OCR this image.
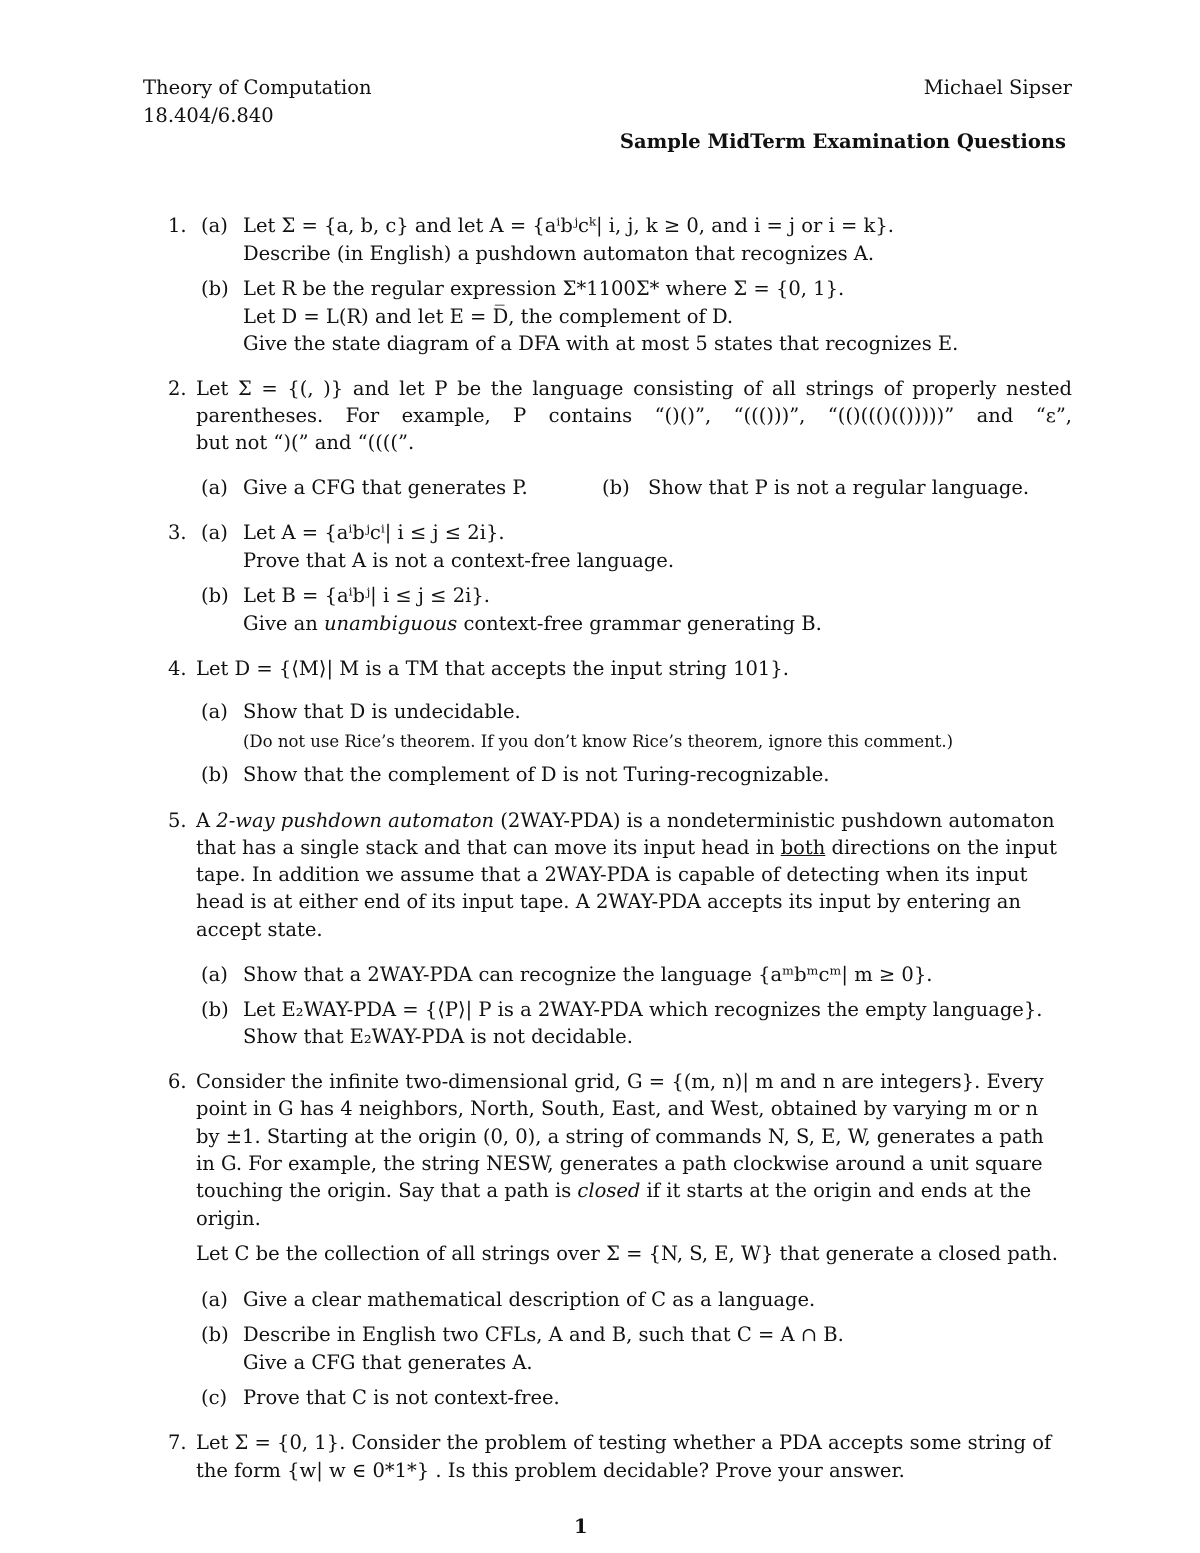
Theory of Computation
18.404/6.840
Michael Sipser
Sample MidTerm Examination Questions
1. (a) Let Σ = {a, b, c} and let A = {aⁱbʲcᵏ| i, j, k ≥ 0, and i = j or i = k}.
Describe (in English) a pushdown automaton that recognizes A.
(b) Let R be the regular expression Σ*1100Σ* where Σ = {0, 1}.
Let D = L(R) and let E = D̅, the complement of D.
Give the state diagram of a DFA with at most 5 states that recognizes E.
2. Let Σ = {(, )} and let P be the language consisting of all strings of properly nested
parentheses. For example, P contains “()()”, “((()))”, “(()((()(()))))” and “ε”,
but not “)(” and “((((”.
(a) Give a CFG that generates P.	(b) Show that P is not a regular language.
3. (a) Let A = {aⁱbʲcⁱ| i ≤ j ≤ 2i}.
Prove that A is not a context-free language.
(b) Let B = {aⁱbʲ| i ≤ j ≤ 2i}.
Give an unambiguous context-free grammar generating B.
4. Let D = {⟨M⟩| M is a TM that accepts the input string 101}.
(a) Show that D is undecidable.
(Do not use Rice’s theorem. If you don’t know Rice’s theorem, ignore this comment.)
(b) Show that the complement of D is not Turing-recognizable.
5. A 2-way pushdown automaton (2WAY-PDA) is a nondeterministic pushdown automaton
that has a single stack and that can move its input head in both directions on the input
tape. In addition we assume that a 2WAY-PDA is capable of detecting when its input
head is at either end of its input tape. A 2WAY-PDA accepts its input by entering an
accept state.
(a) Show that a 2WAY-PDA can recognize the language {aᵐbᵐcᵐ| m ≥ 0}.
(b) Let E₂WAY-PDA = {⟨P⟩| P is a 2WAY-PDA which recognizes the empty language}.
Show that E₂WAY-PDA is not decidable.
6. Consider the infinite two-dimensional grid, G = {(m, n)| m and n are integers}. Every
point in G has 4 neighbors, North, South, East, and West, obtained by varying m or n
by ±1. Starting at the origin (0, 0), a string of commands N, S, E, W, generates a path
in G. For example, the string NESW, generates a path clockwise around a unit square
touching the origin. Say that a path is closed if it starts at the origin and ends at the
origin.
Let C be the collection of all strings over Σ = {N, S, E, W} that generate a closed path.
(a) Give a clear mathematical description of C as a language.
(b) Describe in English two CFLs, A and B, such that C = A ∩ B.
Give a CFG that generates A.
(c) Prove that C is not context-free.
7. Let Σ = {0, 1}. Consider the problem of testing whether a PDA accepts some string of
the form {w| w ∈ 0*1*} . Is this problem decidable? Prove your answer.
1
